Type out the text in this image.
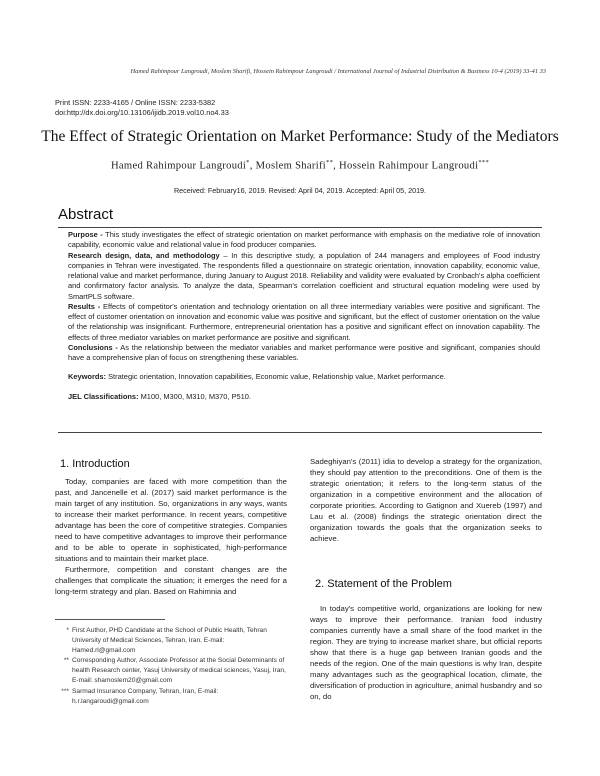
Hamed Rahimpour Langroudi, Moslem Sharifi, Hossein Rahimpour Langroudi / International Journal of Industrial Distribution & Business 10-4 (2019) 33-41 33
Print ISSN: 2233-4165 / Online ISSN: 2233-5382
doi:http://dx.doi.org/10.13106/ijidb.2019.vol10.no4.33
The Effect of Strategic Orientation on Market Performance: Study of the Mediators
Hamed Rahimpour Langroudi*, Moslem Sharifi**, Hossein Rahimpour Langroudi***
Received: February16, 2019. Revised: April 04, 2019. Accepted: April 05, 2019.
Abstract

Purpose - This study investigates the effect of strategic orientation on market performance with emphasis on the mediative role of innovation capability, economic value and relational value in food producer companies.

Research design, data, and methodology – In this descriptive study, a population of 244 managers and employees of Food industry companies in Tehran were investigated. The respondents filled a questionnaire on strategic orientation, innovation capability, economic value, relational value and market performance, during January to August 2018. Reliability and validity were evaluated by Cronbach's alpha coefficient and confirmatory factor analysis. To analyze the data, Spearman's correlation coefficient and structural equation modeling were used by SmartPLS software.

Results - Effects of competitor's orientation and technology orientation on all three intermediary variables were positive and significant. The effect of customer orientation on innovation and economic value was positive and significant, but the effect of customer orientation on the value of the relationship was insignificant. Furthermore, entrepreneurial orientation has a positive and significant effect on innovation capability. The effects of three mediator variables on market performance are positive and significant.

Conclusions - As the relationship between the mediator variables and market performance were positive and significant, companies should have a comprehensive plan of focus on strengthening these variables.

Keywords: Strategic orientation, Innovation capabilities, Economic value, Relationship value, Market performance.

JEL Classifications: M100, M300, M310, M370, P510.

1. Introduction

Today, companies are faced with more competition than the past, and Jancenelle et al. (2017) said market performance is the main target of any institution. So, organizations in any ways, wants to increase their market performance. In recent years, competitive advantage has been the core of competitive strategies. Companies need to have competitive advantages to improve their performance and to be able to operate in sophisticated, high-performance situations and to maintain their market place.

Furthermore, competition and constant changes are the challenges that complicate the situation; it emerges the need for a long-term strategy and plan. Based on Rahimnia and

Sadeghiyan's (2011) idia to develop a strategy for the organization, they should pay attention to the preconditions. One of them is the strategic orientation; it refers to the long-term status of the organization in a competitive environment and the allocation of corporate priorities. According to Gatignon and Xuereb (1997) and Lau et al. (2008) findings the strategic orientation direct the organization towards the goals that the organization seeks to achieve.

2. Statement of the Problem

In today's competitive world, organizations are looking for new ways to improve their performance. Iranian food industry companies currently have a small share of the food market in the region. They are trying to increase market share, but official reports show that there is a huge gap between Iranian goods and the needs of the region. One of the main questions is why Iran, despite many advantages such as the geographical location, climate, the diversification of production in agriculture, animal husbandry and so on, do

* First Author, PHD Candidate at the School of Public Health, Tehran University of Medical Sciences, Tehran, Iran. E-mail: Hamed.rl@gmail.com
** Corresponding Author, Associate Professor at the Social Determinants of health Research center, Yasuj University of medical sciences, Yasuj, Iran, E-mail: shamoslem20@gmail.com
*** Sarmad Insurance Company, Tehran, Iran, E-mail: h.r.langaroudi@gmail.com
